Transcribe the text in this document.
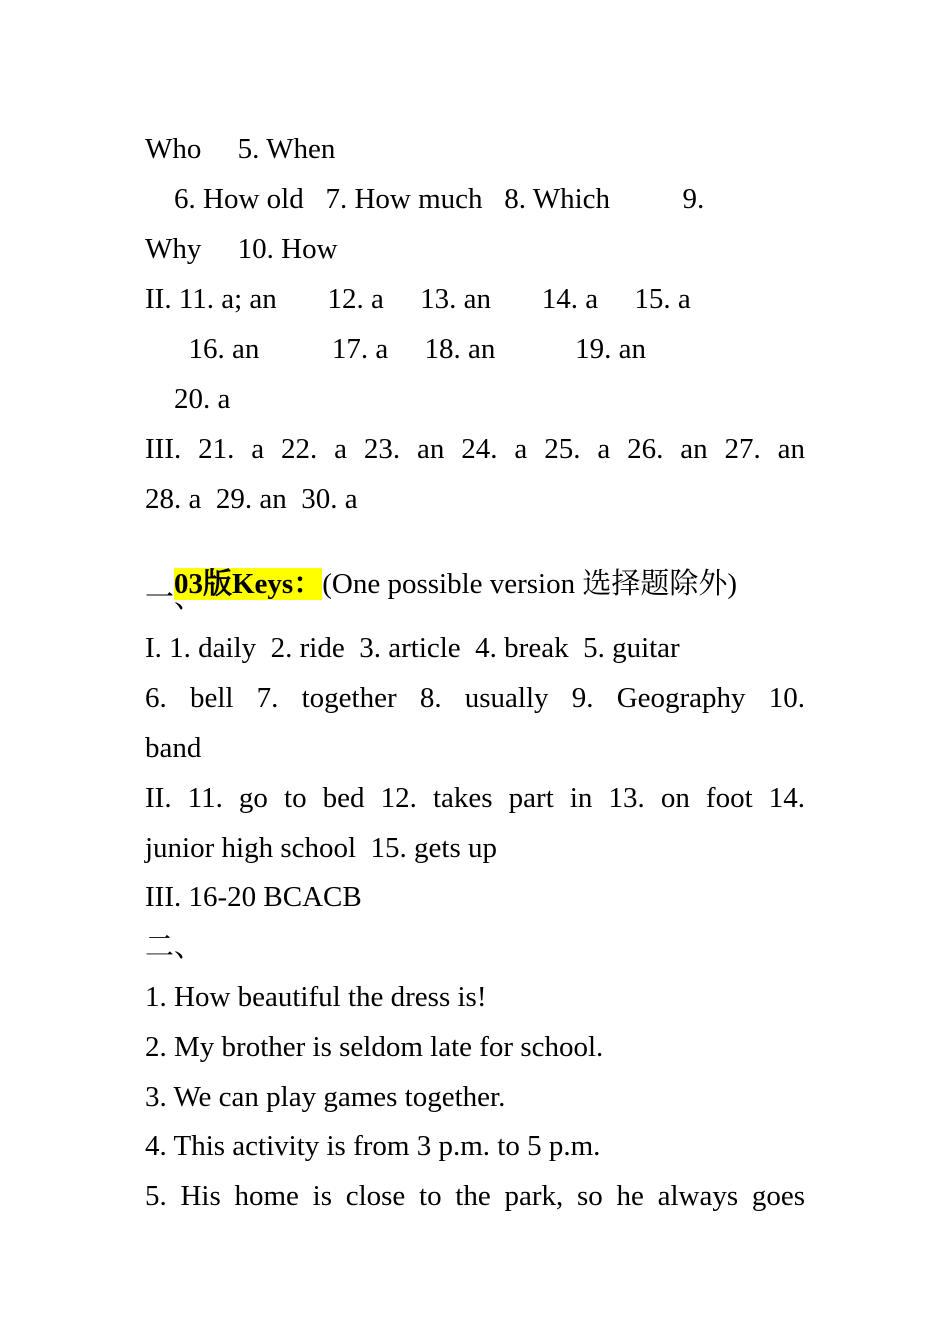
Who     5. When
6. How old   7. How much   8. Which          9.
Why     10. How
II. 11. a; an       12. a     13. an       14. a     15. a
16. an          17. a     18. an           19. an
20. a
III. 21. a 22. a 23. an 24. a 25. a 26. an 27. an
28. a  29. an  30. a

03版Keys：(One possible version 选择题除外)

一、
I. 1. daily  2. ride  3. article  4. break  5. guitar
6. bell 7. together 8. usually 9. Geography 10.
band
II. 11. go to bed 12. takes part in 13. on foot 14.
junior high school  15. gets up
III. 16-20 BCACB
二、
1. How beautiful the dress is!
2. My brother is seldom late for school.
3. We can play games together.
4. This activity is from 3 p.m. to 5 p.m.
5. His home is close to the park, so he always goes
